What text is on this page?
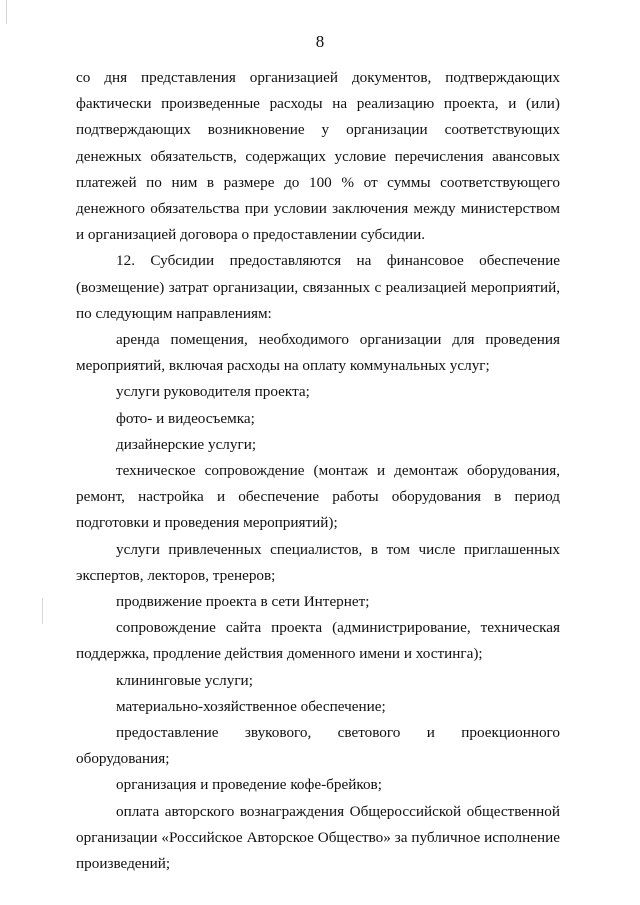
8

со дня представления организацией документов, подтверждающих фактически произведенные расходы на реализацию проекта, и (или) подтверждающих возникновение у организации соответствующих денежных обязательств, содержащих условие перечисления авансовых платежей по ним в размере до 100 % от суммы соответствующего денежного обязательства при условии заключения между министерством и организацией договора о предоставлении субсидии.

12. Субсидии предоставляются на финансовое обеспечение (возмещение) затрат организации, связанных с реализацией мероприятий, по следующим направлениям:

аренда помещения, необходимого организации для проведения мероприятий, включая расходы на оплату коммунальных услуг;

услуги руководителя проекта;

фото- и видеосъемка;

дизайнерские услуги;

техническое сопровождение (монтаж и демонтаж оборудования, ремонт, настройка и обеспечение работы оборудования в период подготовки и проведения мероприятий);

услуги привлеченных специалистов, в том числе приглашенных экспертов, лекторов, тренеров;

продвижение проекта в сети Интернет;

сопровождение сайта проекта (администрирование, техническая поддержка, продление действия доменного имени и хостинга);

клининговые услуги;

материально-хозяйственное обеспечение;

предоставление звукового, светового и проекционного оборудования;

организация и проведение кофе-брейков;

оплата авторского вознаграждения Общероссийской общественной организации «Российское Авторское Общество» за публичное исполнение произведений;
